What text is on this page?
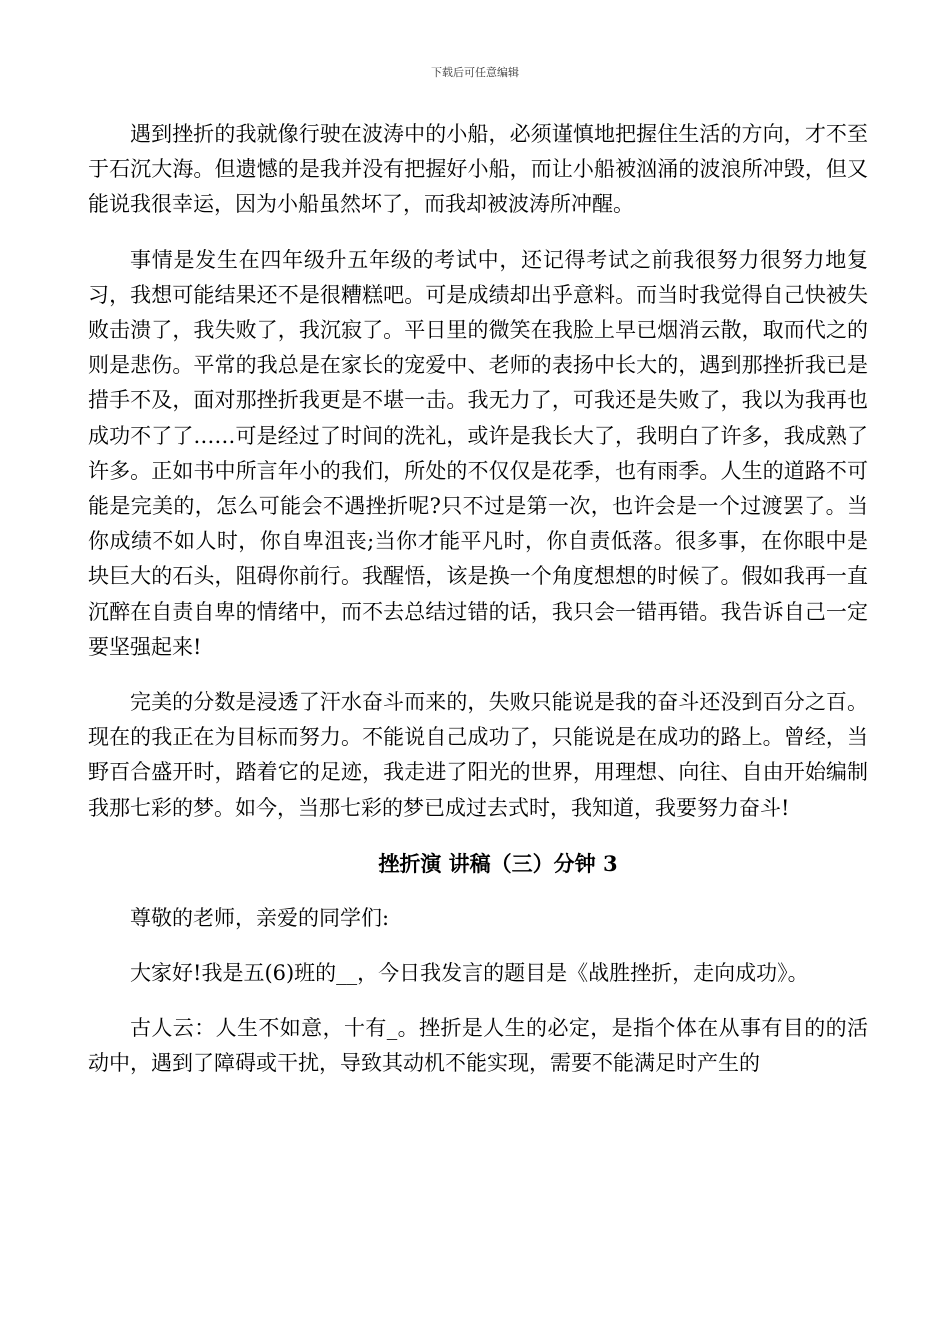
下载后可任意编辑

遇到挫折的我就像行驶在波涛中的小船，必须谨慎地把握住生活的方向，才不至于石沉大海。但遗憾的是我并没有把握好小船，而让小船被汹涌的波浪所冲毁，但又能说我很幸运，因为小船虽然坏了，而我却被波涛所冲醒。

事情是发生在四年级升五年级的考试中，还记得考试之前我很努力很努力地复习，我想可能结果还不是很糟糕吧。可是成绩却出乎意料。而当时我觉得自己快被失败击溃了，我失败了，我沉寂了。平日里的微笑在我脸上早已烟消云散，取而代之的则是悲伤。平常的我总是在家长的宠爱中、老师的表扬中长大的，遇到那挫折我已是措手不及，面对那挫折我更是不堪一击。我无力了，可我还是失败了，我以为我再也成功不了了……可是经过了时间的洗礼，或许是我长大了，我明白了许多，我成熟了许多。正如书中所言年小的我们，所处的不仅仅是花季，也有雨季。人生的道路不可能是完美的，怎么可能会不遇挫折呢?只不过是第一次，也许会是一个过渡罢了。当你成绩不如人时，你自卑沮丧;当你才能平凡时，你自责低落。很多事，在你眼中是块巨大的石头，阻碍你前行。我醒悟，该是换一个角度想想的时候了。假如我再一直沉醉在自责自卑的情绪中，而不去总结过错的话，我只会一错再错。我告诉自己一定要坚强起来!

完美的分数是浸透了汗水奋斗而来的，失败只能说是我的奋斗还没到百分之百。现在的我正在为目标而努力。不能说自己成功了，只能说是在成功的路上。曾经，当野百合盛开时，踏着它的足迹，我走进了阳光的世界，用理想、向往、自由开始编制我那七彩的梦。如今，当那七彩的梦已成过去式时，我知道，我要努力奋斗!

挫折演 讲稿（三）分钟 3

尊敬的老师，亲爱的同学们:

大家好!我是五(6)班的__，今日我发言的题目是《战胜挫折，走向成功》。

古人云：人生不如意，十有_。挫折是人生的必定，是指个体在从事有目的的活动中，遇到了障碍或干扰，导致其动机不能实现，需要不能满足时产生的
